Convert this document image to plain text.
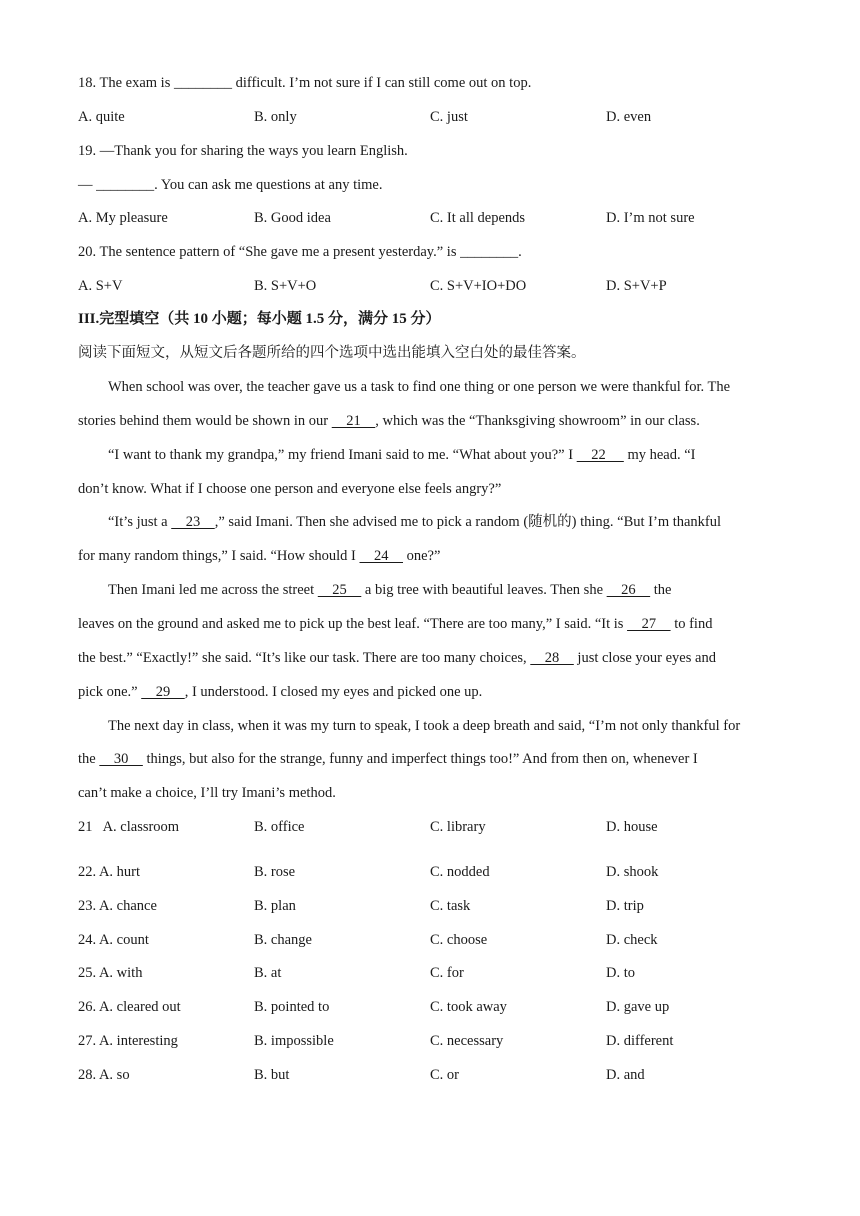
18. The exam is ________ difficult. I’m not sure if I can still come out on top.
A. quite	B. only	C. just	D. even
19. —Thank you for sharing the ways you learn English.
— ________. You can ask me questions at any time.
A. My pleasure	B. Good idea	C. It all depends	D. I’m not sure
20. The sentence pattern of “She gave me a present yesterday.” is ________.
A. S+V	B. S+V+O	C. S+V+IO+DO	D. S+V+P
III.完型填空（共 10 小题；每小题 1.5 分，满分 15 分）
阅读下面短文，从短文后各题所给的四个选项中选出能填入空白处的最佳答案。
When school was over, the teacher gave us a task to find one thing or one person we were thankful for. The
stories behind them would be shown in our     21    , which was the “Thanksgiving showroom” in our class.
“I want to thank my grandpa,” my friend Imani said to me. “What about you?” I     22      my head. “I
don’t know. What if I choose one person and everyone else feels angry?”
“It’s just a     23    ,” said Imani. Then she advised me to pick a random (随机的) thing. “But I’m thankful
for many random things,” I said. “How should I     24     one?”
Then Imani led me across the street     25     a big tree with beautiful leaves. Then she     26     the
leaves on the ground and asked me to pick up the best leaf. “There are too many,” I said. “It is     27     to find
the best.” “Exactly!” she said. “It’s like our task. There are too many choices,     28     just close your eyes and
pick one.”     29    , I understood. I closed my eyes and picked one up.
The next day in class, when it was my turn to speak, I took a deep breath and said, “I’m not only thankful for
the     30     things, but also for the strange, funny and imperfect things too!” And from then on, whenever I
can’t make a choice, I’ll try Imani’s method.
21   A. classroom	B. office	C. library	D. house
22. A. hurt	B. rose	C. nodded	D. shook
23. A. chance	B. plan	C. task	D. trip
24. A. count	B. change	C. choose	D. check
25. A. with	B. at	C. for	D. to
26. A. cleared out	B. pointed to	C. took away	D. gave up
27. A. interesting	B. impossible	C. necessary	D. different
28. A. so	B. but	C. or	D. and
